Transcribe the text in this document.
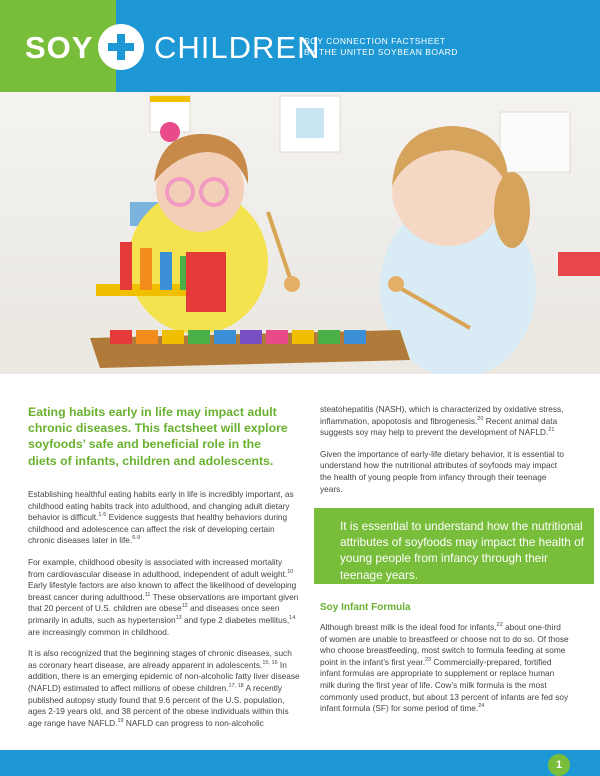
SOY CHILDREN
SOY CONNECTION FACTSHEET
BY THE UNITED SOYBEAN BOARD

Eating habits early in life may impact adult chronic diseases. This factsheet will explore soyfoods’ safe and beneficial role in the diets of infants, children and adolescents.

Establishing healthful eating habits early in life is incredibly important, as childhood eating habits track into adulthood, and changing adult dietary behavior is difficult.$^{1-5}$ Evidence suggests that healthy behaviors during childhood and adolescence can affect the risk of developing certain chronic diseases later in life.$^{6-9}$

For example, childhood obesity is associated with increased mortality from cardiovascular disease in adulthood, independent of adult weight.$^{10}$ Early lifestyle factors are also known to affect the likelihood of developing breast cancer during adulthood.$^{11}$ These observations are important given that 20 percent of U.S. children are obese$^{12}$ and diseases once seen primarily in adults, such as hypertension$^{13}$ and type 2 diabetes mellitus,$^{14}$ are increasingly common in childhood.

It is also recognized that the beginning stages of chronic diseases, such as coronary heart disease, are already apparent in adolescents.$^{15, 16}$ In addition, there is an emerging epidemic of non-alcoholic fatty liver disease (NAFLD) estimated to affect millions of obese children.$^{17, 18}$ A recently published autopsy study found that 9.6 percent of the U.S. population, ages 2-19 years old, and 38 percent of the obese individuals within this age range have NAFLD.$^{19}$ NAFLD can progress to non-alcoholic

steatohepatitis (NASH), which is characterized by oxidative stress, inflammation, apopotosis and fibrogenesis.$^{20}$ Recent animal data suggests soy may help to prevent the development of NAFLD.$^{21}$

Given the importance of early-life dietary behavior, it is essential to understand how the nutritional attributes of soyfoods may impact the health of young people from infancy through their teenage years.

It is essential to understand how the nutritional attributes of soyfoods may impact the health of young people from infancy through their teenage years.
Soy Infant Formula

Although breast milk is the ideal food for infants,$^{22}$ about one-third of women are unable to breastfeed or choose not to do so. Of those who choose breastfeeding, most switch to formula feeding at some point in the infant’s first year.$^{23}$ Commercially-prepared, fortified infant formulas are appropriate to supplement or replace human milk during the first year of life. Cow’s milk formula is the most commonly used product, but about 13 percent of infants are fed soy infant formula (SF) for some period of time.$^{24}$

1
